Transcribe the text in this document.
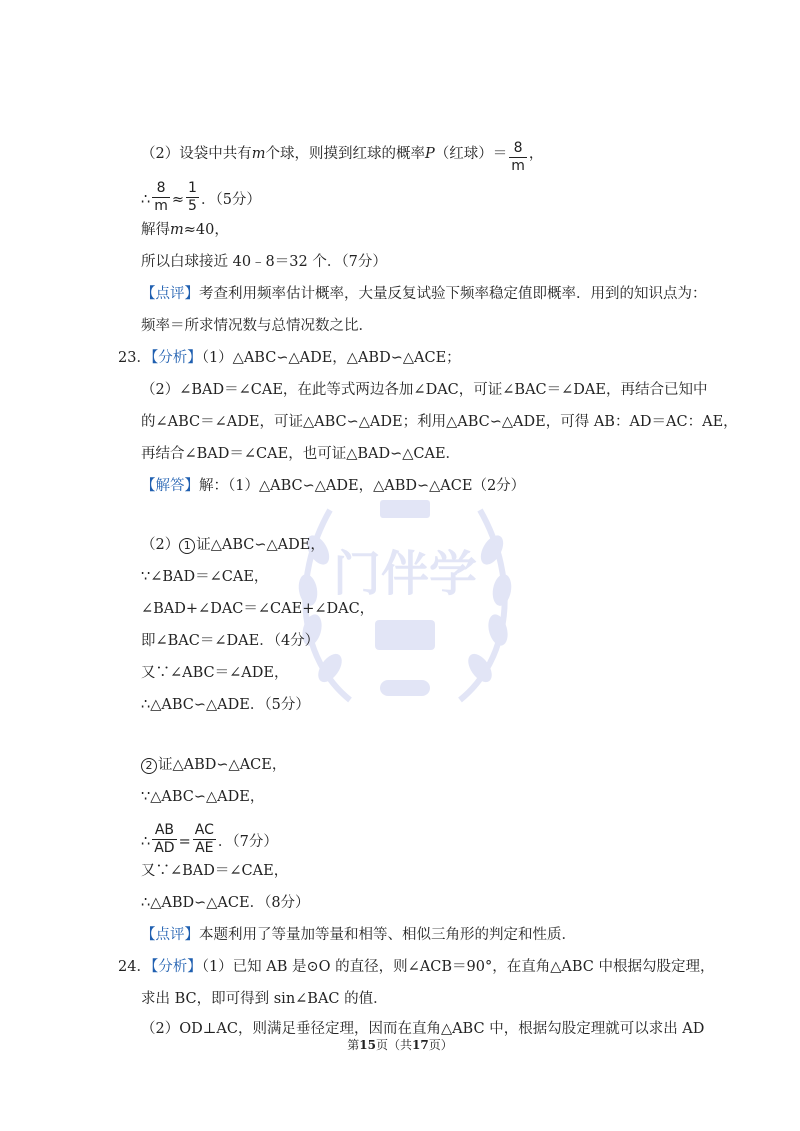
门伴学
（2）设袋中共有m个球，则摸到红球的概率P（红球）＝ $\frac{8}{m}$ ，
∴ $\frac{8}{m} \approx \frac{1}{5}$ ．（5分）
解得m≈40，
所以白球接近 40﹣8＝32 个．（7分）
【点评】考查利用频率估计概率，大量反复试验下频率稳定值即概率．用到的知识点为：
频率＝所求情况数与总情况数之比．
23．【分析】（1）△ABC∽△ADE，△ABD∽△ACE；
（2）∠BAD＝∠CAE，在此等式两边各加∠DAC，可证∠BAC＝∠DAE，再结合已知中
的∠ABC＝∠ADE，可证△ABC∽△ADE；利用△ABC∽△ADE，可得 AB：AD＝AC：AE，
再结合∠BAD＝∠CAE，也可证△BAD∽△CAE．
【解答】解：（1）△ABC∽△ADE，△ABD∽△ACE（2分）
（2） 1 证△ABC∽△ADE，
∵∠BAD＝∠CAE，
∠BAD+∠DAC＝∠CAE+∠DAC，
即∠BAC＝∠DAE．（4分）
又∵∠ABC＝∠ADE，
∴△ABC∽△ADE．（5分）
2 证△ABD∽△ACE，
∵△ABC∽△ADE，
∴ $\frac{AB}{AD} = \frac{AC}{AE}$ ．（7分）
又∵∠BAD＝∠CAE，
∴△ABD∽△ACE．（8分）
【点评】本题利用了等量加等量和相等、相似三角形的判定和性质．
24．【分析】（1）已知 AB 是⊙O 的直径，则∠ACB＝90°，在直角△ABC 中根据勾股定理，
求出 BC，即可得到 sin∠BAC 的值．
（2）OD⊥AC，则满足垂径定理，因而在直角△ABC 中，根据勾股定理就可以求出 AD
第15页（共17页）
